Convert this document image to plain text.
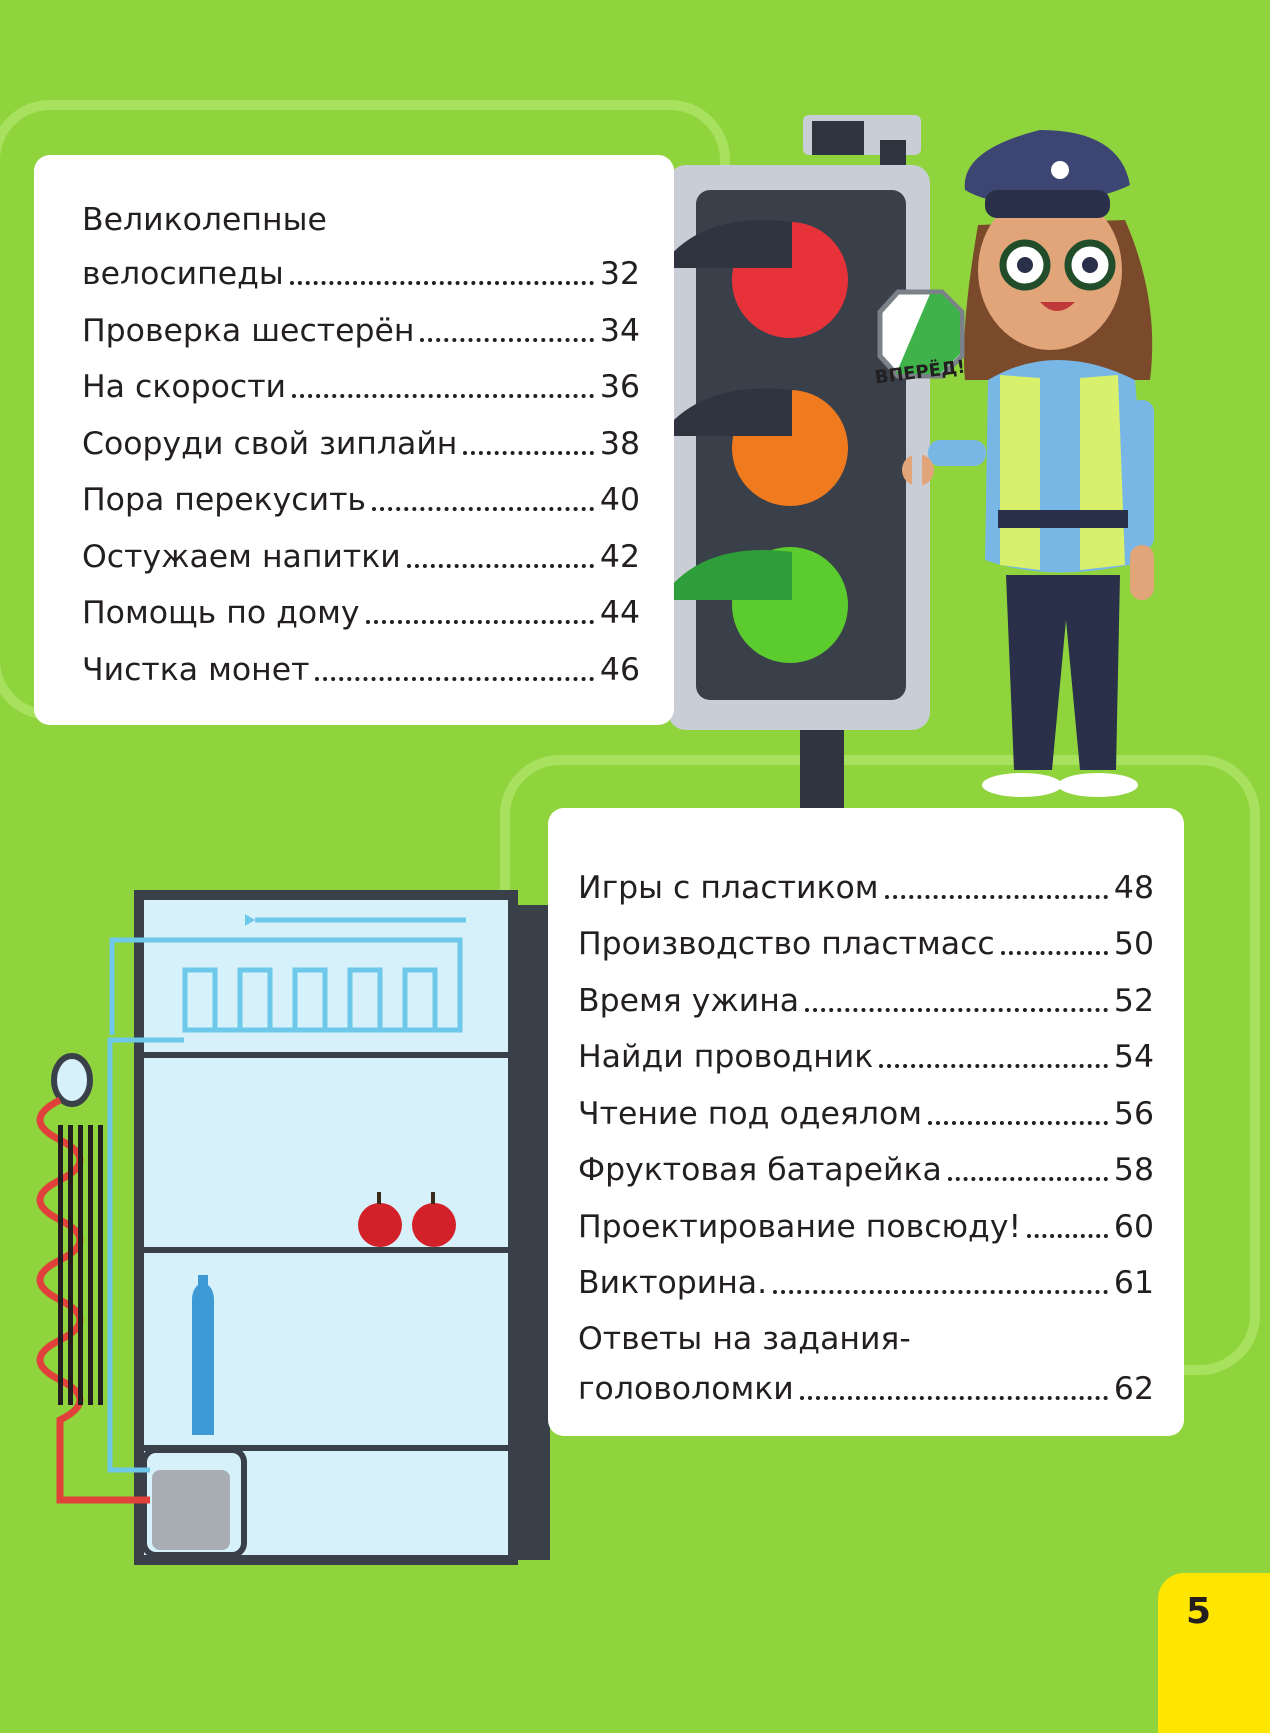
ВПЕРЁД!
Великолепные
велосипеды	32
Проверка шестерён	34
На скорости	36
Сооруди свой зиплайн	38
Пора перекусить	40
Остужаем напитки	42
Помощь по дому	44
Чистка монет	46
Игры с пластиком	48
Производство пластмасс	50
Время ужина	52
Найди проводник	54
Чтение под одеялом	56
Фруктовая батарейка	58
Проектирование повсюду!	60
Викторина.	61
Ответы на задания-
головоломки	62
5
